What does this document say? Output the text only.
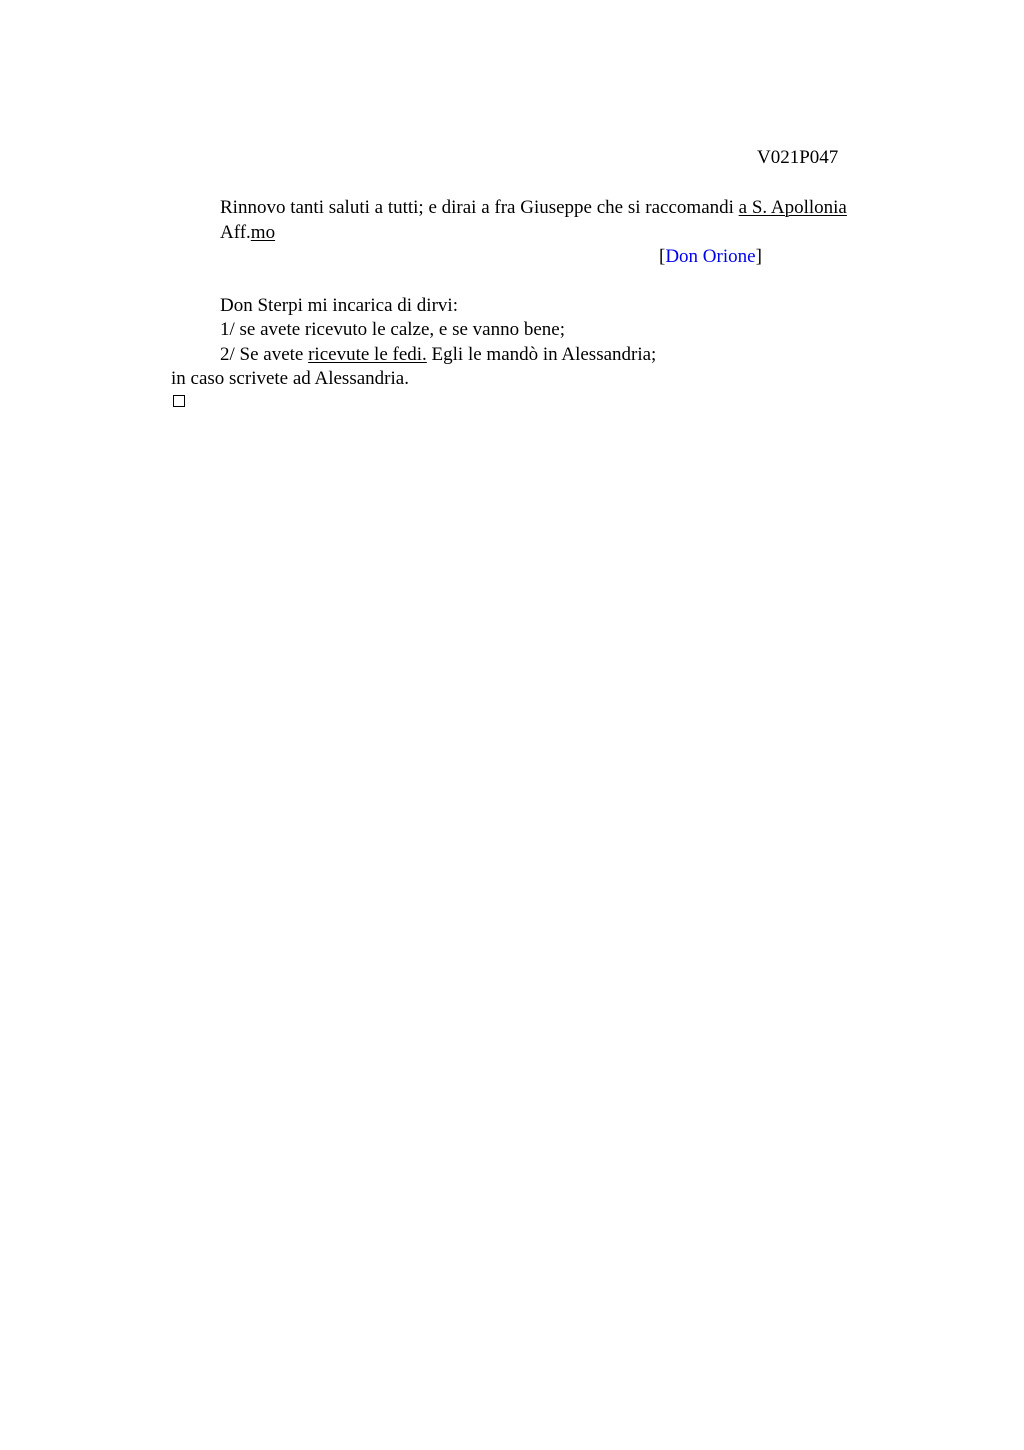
V021P047
Rinnovo tanti saluti a tutti; e dirai a fra Giuseppe che si raccomandi a S. Apollonia
Aff.mo
[Don Orione]
Don Sterpi mi incarica di dirvi:
1/ se avete ricevuto le calze, e se vanno bene;
2/ Se avete ricevute le fedi. Egli le mandò in Alessandria;
in caso scrivete ad Alessandria.
